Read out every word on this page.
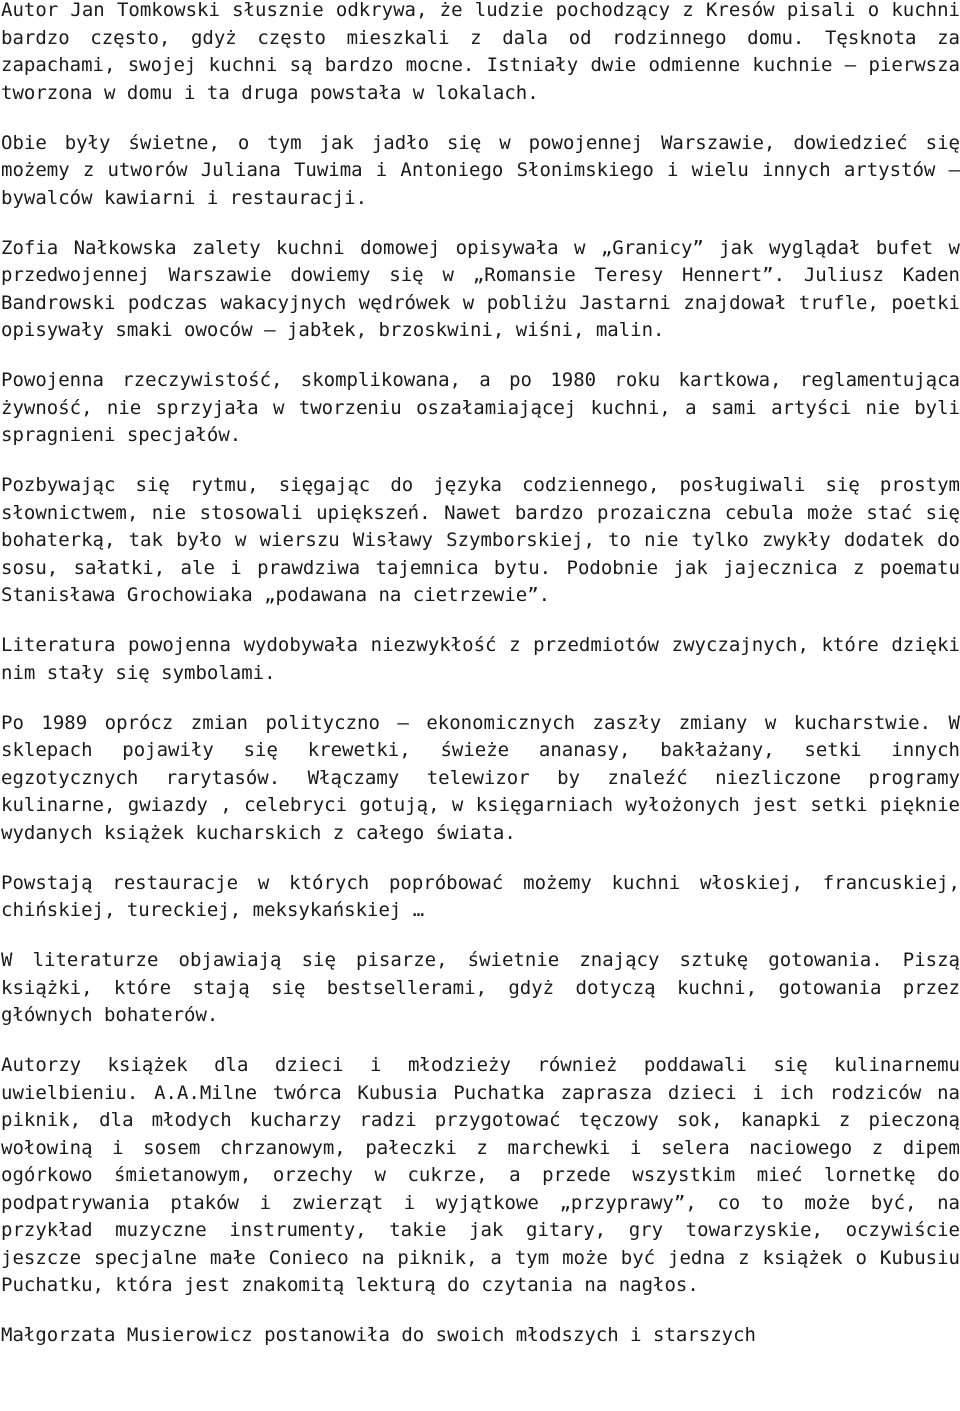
Autor Jan Tomkowski słusznie odkrywa, że ludzie pochodzący z Kresów pisali o kuchni bardzo często, gdyż często mieszkali z dala od rodzinnego domu. Tęsknota za zapachami, swojej kuchni są bardzo mocne. Istniały dwie odmienne kuchnie – pierwsza tworzona w domu i ta druga powstała w lokalach.

Obie były świetne, o tym jak jadło się w powojennej Warszawie, dowiedzieć się możemy z utworów Juliana Tuwima i Antoniego Słonimskiego i wielu innych artystów – bywalców kawiarni i restauracji.

Zofia Nałkowska zalety kuchni domowej opisywała w „Granicy” jak wyglądał bufet w przedwojennej Warszawie dowiemy się w „Romansie Teresy Hennert”. Juliusz Kaden Bandrowski podczas wakacyjnych wędrówek w pobliżu Jastarni znajdował trufle, poetki opisywały smaki owoców – jabłek, brzoskwini, wiśni, malin.

Powojenna rzeczywistość, skomplikowana, a po 1980 roku kartkowa, reglamentująca żywność, nie sprzyjała w tworzeniu oszałamiającej kuchni, a sami artyści nie byli spragnieni specjałów.

Pozbywając się rytmu, sięgając do języka codziennego, posługiwali się prostym słownictwem, nie stosowali upiększeń. Nawet bardzo prozaiczna cebula może stać się bohaterką, tak było w wierszu Wisławy Szymborskiej, to nie tylko zwykły dodatek do sosu, sałatki, ale i prawdziwa tajemnica bytu. Podobnie jak jajecznica z poematu Stanisława Grochowiaka „podawana na cietrzewie”.

Literatura powojenna wydobywała niezwykłość z przedmiotów zwyczajnych, które dzięki nim stały się symbolami.

Po 1989 oprócz zmian polityczno – ekonomicznych zaszły zmiany w kucharstwie. W sklepach pojawiły się krewetki, świeże ananasy, bakłażany, setki innych egzotycznych rarytasów. Włączamy telewizor by znaleźć niezliczone programy kulinarne, gwiazdy , celebryci gotują, w księgarniach wyłożonych jest setki pięknie wydanych książek kucharskich z całego świata.

Powstają restauracje w których popróbować możemy kuchni włoskiej, francuskiej, chińskiej, tureckiej, meksykańskiej …

W literaturze objawiają się pisarze, świetnie znający sztukę gotowania. Piszą książki, które stają się bestsellerami, gdyż dotyczą kuchni, gotowania przez głównych bohaterów.

Autorzy książek dla dzieci i młodzieży również poddawali się kulinarnemu uwielbieniu. A.A.Milne twórca Kubusia Puchatka zaprasza dzieci i ich rodziców na piknik, dla młodych kucharzy radzi przygotować tęczowy sok, kanapki z pieczoną wołowiną i sosem chrzanowym, pałeczki z marchewki i selera naciowego z dipem ogórkowo śmietanowym, orzechy w cukrze, a przede wszystkim mieć lornetkę do podpatrywania ptaków i zwierząt i wyjątkowe „przyprawy”, co to może być, na przykład muzyczne instrumenty, takie jak gitary, gry towarzyskie, oczywiście jeszcze specjalne małe Conieco na piknik, a tym może być jedna z książek o Kubusiu Puchatku, która jest znakomitą lekturą do czytania na nagłos.

Małgorzata Musierowicz postanowiła do swoich młodszych i starszych
